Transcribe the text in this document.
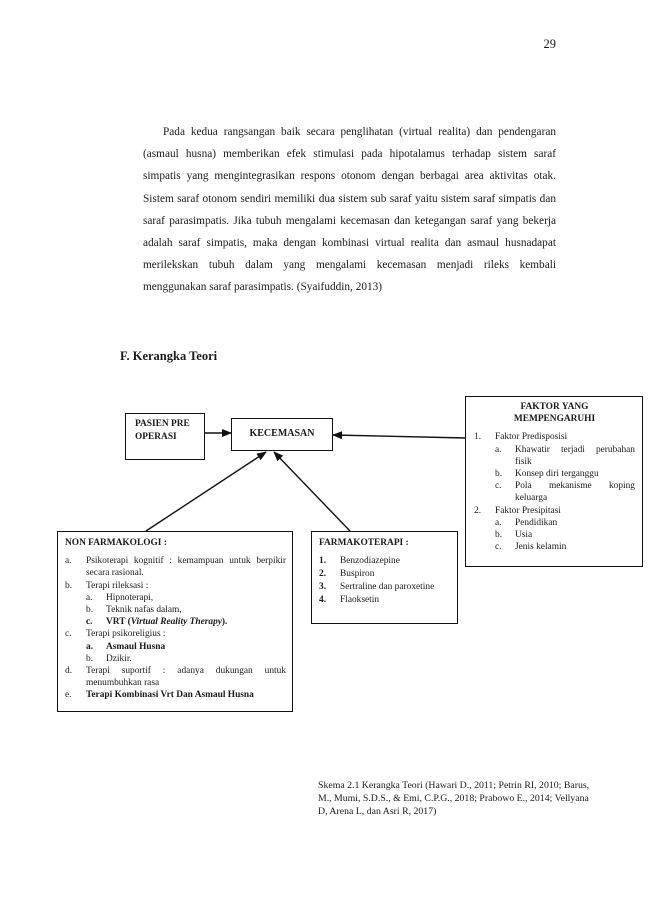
29

Pada kedua rangsangan baik secara penglihatan (virtual realita) dan pendengaran (asmaul husna) memberikan efek stimulasi pada hipotalamus terhadap sistem saraf simpatis yang mengintegrasikan respons otonom dengan berbagai area aktivitas otak. Sistem saraf otonom sendiri memiliki dua sistem sub saraf yaitu sistem saraf simpatis dan saraf parasimpatis. Jika tubuh mengalami kecemasan dan ketegangan saraf yang bekerja adalah saraf simpatis, maka dengan kombinasi virtual realita dan asmaul husnadapat merilekskan tubuh dalam yang mengalami kecemasan menjadi rileks kembali menggunakan saraf parasimpatis. (Syaifuddin, 2013)

F. Kerangka Teori
PASIEN PRE OPERASI	KECEMASAN
FAKTOR YANG MEMPENGARUHI
1. Faktor Predisposisi
a. Khawatir terjadi perubahan fisik
b. Konsep diri terganggu
c. Pola mekanisme koping keluarga
2. Faktor Presipitasi
a. Pendidikan
b. Usia
c. Jenis kelamin
NON FARMAKOLOGI :
a. Psikoterapi kognitif : kemampuan untuk berpikir secara rasional.
b. Terapi rileksasi :
a. Hipnoterapi,
b. Teknik nafas dalam,
c. VRT (Virtual Reality Therapy).
c. Terapi psikoreligius :
a. Asmaul Husna
b. Dzikir.
d. Terapi suportif : adanya dukungan untuk menumbuhkan rasa
e. Terapi Kombinasi Vrt Dan Asmaul Husna
FARMAKOTERAPI :
1. Benzodiazepine
2. Buspiron
3. Sertraline dan paroxetine
4. Flaoksetin
Skema 2.1 Kerangka Teori (Hawari D., 2011; Petrin RI, 2010; Barus, M., Mumi, S.D.S., & Emi, C.P.G., 2018; Prabowo E., 2014; Vellyana D, Arena L, dan Asri R, 2017)
